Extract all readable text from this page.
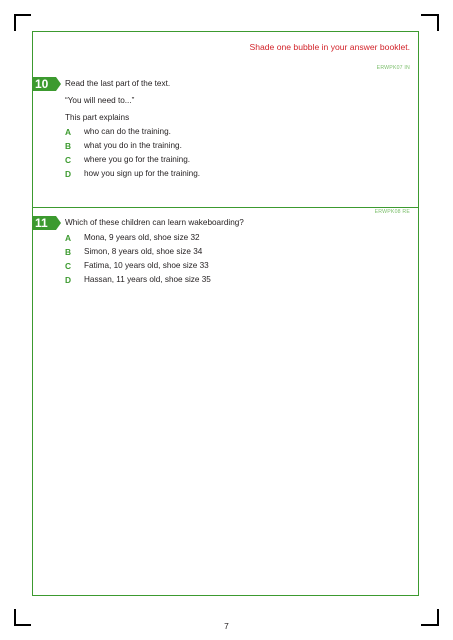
Shade one bubble in your answer booklet.
ERWPK07 IN
10 Read the last part of the text.
“You will need to...”
This part explains
A who can do the training.
B what you do in the training.
C where you go for the training.
D how you sign up for the training.
ERWPK08 RE
11 Which of these children can learn wakeboarding?
A Mona, 9 years old, shoe size 32
B Simon, 8 years old, shoe size 34
C Fatima, 10 years old, shoe size 33
D Hassan, 11 years old, shoe size 35
7
